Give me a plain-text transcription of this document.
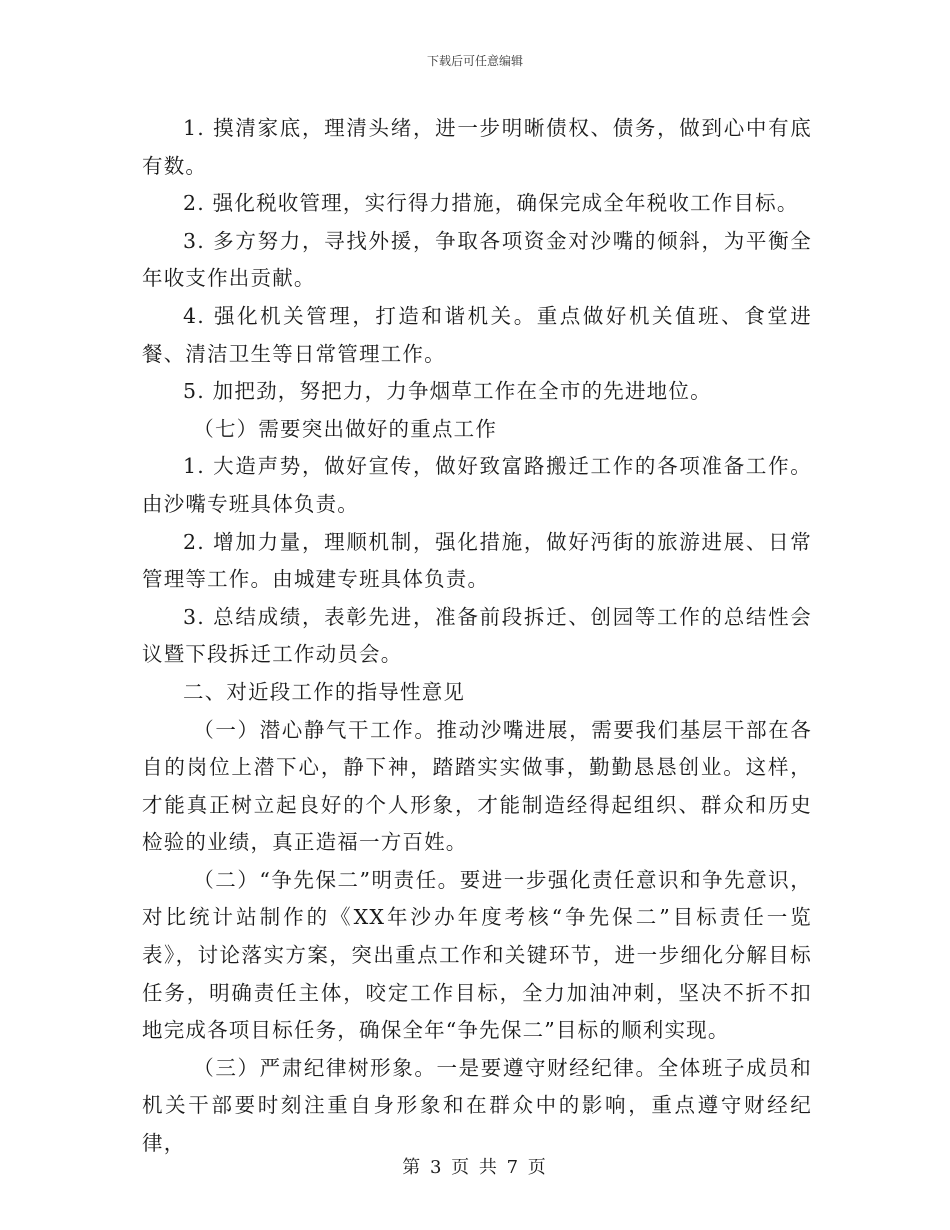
下载后可任意编辑

1. 摸清家底，理清头绪，进一步明晰债权、债务，做到心中有底有数。

2. 强化税收管理，实行得力措施，确保完成全年税收工作目标。

3. 多方努力，寻找外援，争取各项资金对沙嘴的倾斜，为平衡全年收支作出贡献。

4. 强化机关管理，打造和谐机关。重点做好机关值班、食堂进餐、清洁卫生等日常管理工作。

5. 加把劲，努把力，力争烟草工作在全市的先进地位。

（七）需要突出做好的重点工作

1. 大造声势，做好宣传，做好致富路搬迁工作的各项准备工作。由沙嘴专班具体负责。

2. 增加力量，理顺机制，强化措施，做好沔街的旅游进展、日常管理等工作。由城建专班具体负责。

3. 总结成绩，表彰先进，准备前段拆迁、创园等工作的总结性会议暨下段拆迁工作动员会。

二、对近段工作的指导性意见

（一）潜心静气干工作。推动沙嘴进展，需要我们基层干部在各自的岗位上潜下心，静下神，踏踏实实做事，勤勤恳恳创业。这样，才能真正树立起良好的个人形象，才能制造经得起组织、群众和历史检验的业绩，真正造福一方百姓。

（二）“争先保二”明责任。要进一步强化责任意识和争先意识，对比统计站制作的《XX年沙办年度考核“争先保二”目标责任一览表》，讨论落实方案，突出重点工作和关键环节，进一步细化分解目标任务，明确责任主体，咬定工作目标，全力加油冲刺，坚决不折不扣地完成各项目标任务，确保全年“争先保二”目标的顺利实现。

（三）严肃纪律树形象。一是要遵守财经纪律。全体班子成员和机关干部要时刻注重自身形象和在群众中的影响，重点遵守财经纪律，

第 3 页 共 7 页
